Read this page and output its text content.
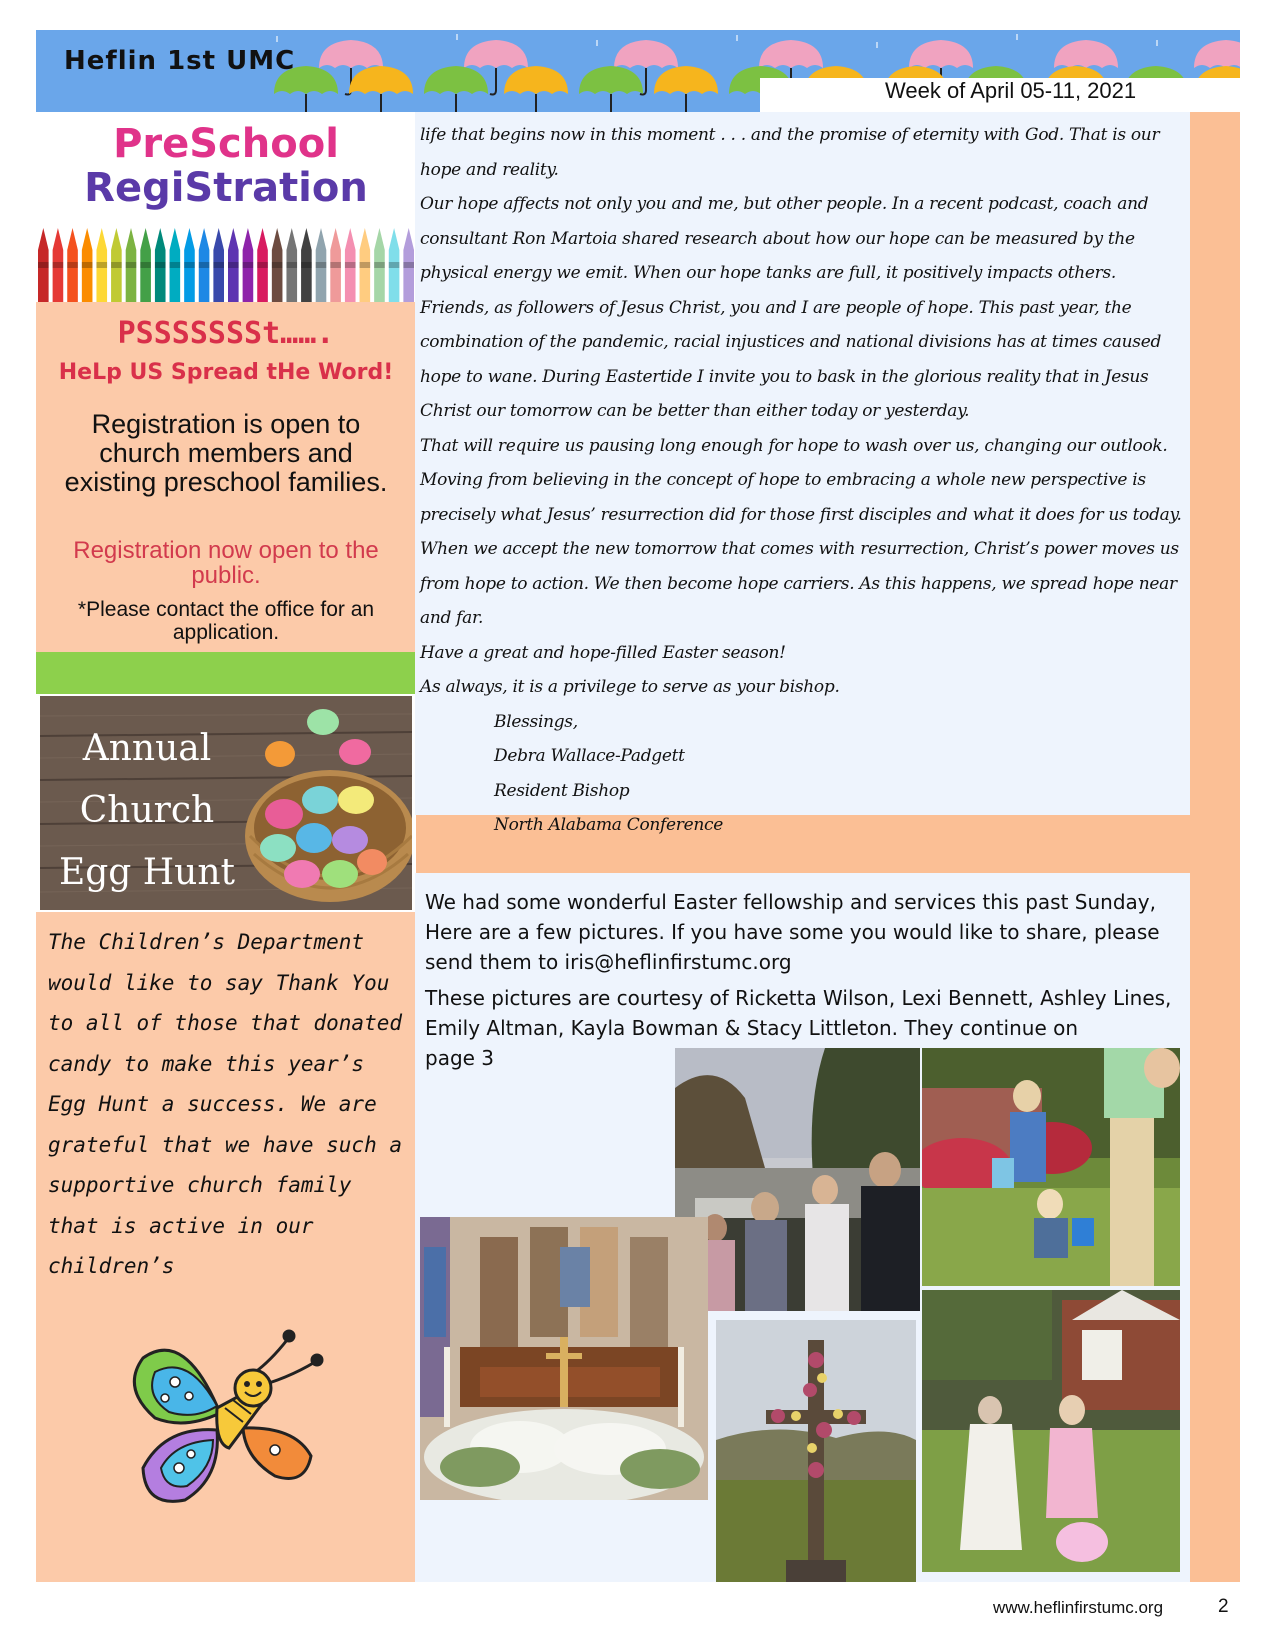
Heflin 1st UMC
Week of April 05-11, 2021
PreSchool
RegiStration
PSSSSSSSt…….
HeLp US Spread tHe Word!
Registration is open to church members and existing preschool families.
Registration now open to the public.
*Please contact the office for an application.
Annual
Church
Egg Hunt
The Children’s Department would like to say Thank You to all of those that donated candy to make this year’s Egg Hunt a success. We are grateful that we have such a supportive church family that is active in our children’s
life that begins now in this moment . . . and the promise of eternity with God. That is our hope and reality.
Our hope affects not only you and me, but other people. In a recent podcast, coach and consultant Ron Martoia shared research about how our hope can be measured by the physical energy we emit. When our hope tanks are full, it positively impacts others.
Friends, as followers of Jesus Christ, you and I are people of hope. This past year, the combination of the pandemic, racial injustices and national divisions has at times caused hope to wane. During Eastertide I invite you to bask in the glorious reality that in Jesus Christ our tomorrow can be better than either today or yesterday.
That will require us pausing long enough for hope to wash over us, changing our outlook.
Moving from believing in the concept of hope to embracing a whole new perspective is precisely what Jesus’ resurrection did for those first disciples and what it does for us today.
When we accept the new tomorrow that comes with resurrection, Christ’s power moves us from hope to action. We then become hope carriers. As this happens, we spread hope near and far.
Have a great and hope-filled Easter season!
As always, it is a privilege to serve as your bishop.
Blessings,
Debra Wallace-Padgett
Resident Bishop
North Alabama Conference
We had some wonderful Easter fellowship and services this past Sunday, Here are a few pictures. If you have some you would like to share, please send them to iris@heflinfirstumc.org
These pictures are courtesy of Ricketta Wilson, Lexi Bennett, Ashley Lines, Emily Altman, Kayla Bowman & Stacy Littleton. They continue on
page 3
www.heflinfirstumc.org	2
